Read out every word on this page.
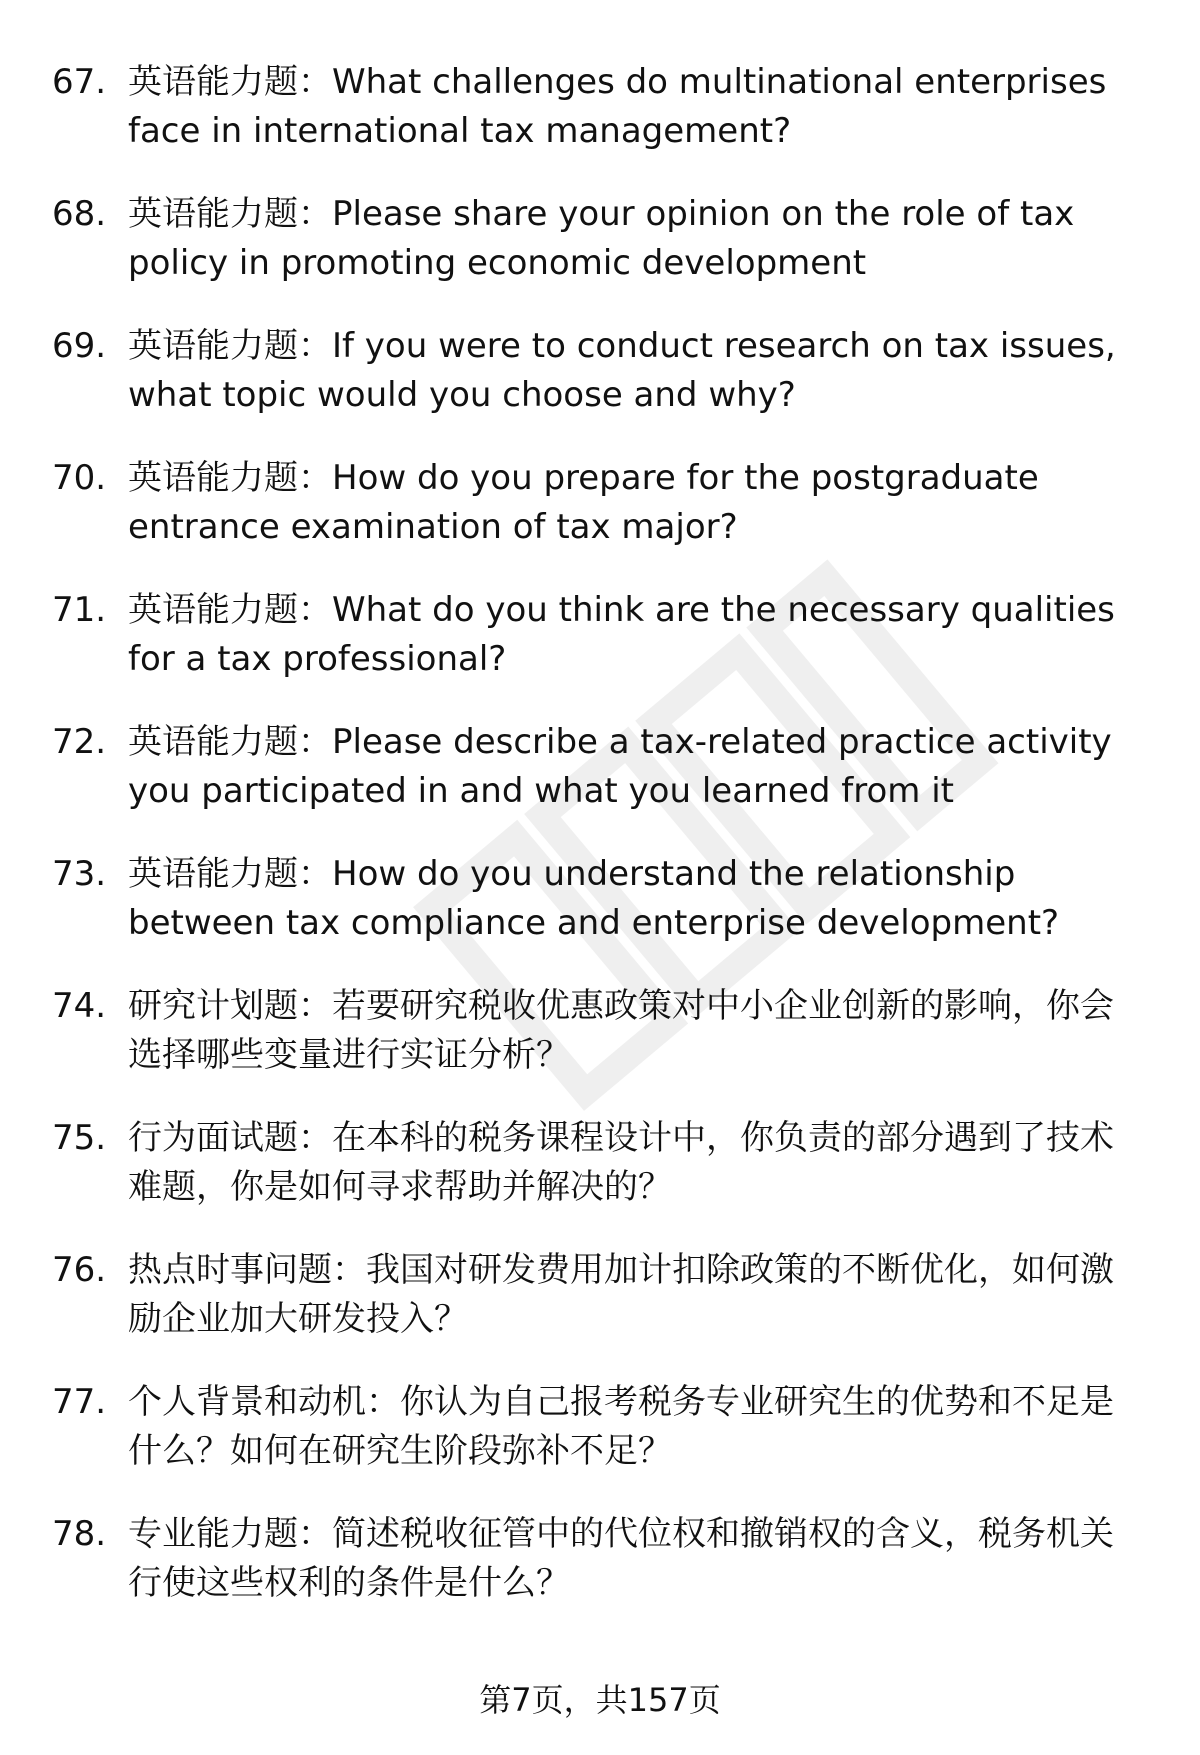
67. 英语能力题：What challenges do multinational enterprises face in international tax management?
68. 英语能力题：Please share your opinion on the role of tax policy in promoting economic development
69. 英语能力题：If you were to conduct research on tax issues, what topic would you choose and why?
70. 英语能力题：How do you prepare for the postgraduate entrance examination of tax major?
71. 英语能力题：What do you think are the necessary qualities for a tax professional?
72. 英语能力题：Please describe a tax-related practice activity you participated in and what you learned from it
73. 英语能力题：How do you understand the relationship between tax compliance and enterprise development?
74. 研究计划题：若要研究税收优惠政策对中小企业创新的影响，你会选择哪些变量进行实证分析？
75. 行为面试题：在本科的税务课程设计中，你负责的部分遇到了技术难题，你是如何寻求帮助并解决的？
76. 热点时事问题：我国对研发费用加计扣除政策的不断优化，如何激励企业加大研发投入？
77. 个人背景和动机：你认为自己报考税务专业研究生的优势和不足是什么？如何在研究生阶段弥补不足？
78. 专业能力题：简述税收征管中的代位权和撤销权的含义，税务机关行使这些权利的条件是什么？
第7页，共157页
